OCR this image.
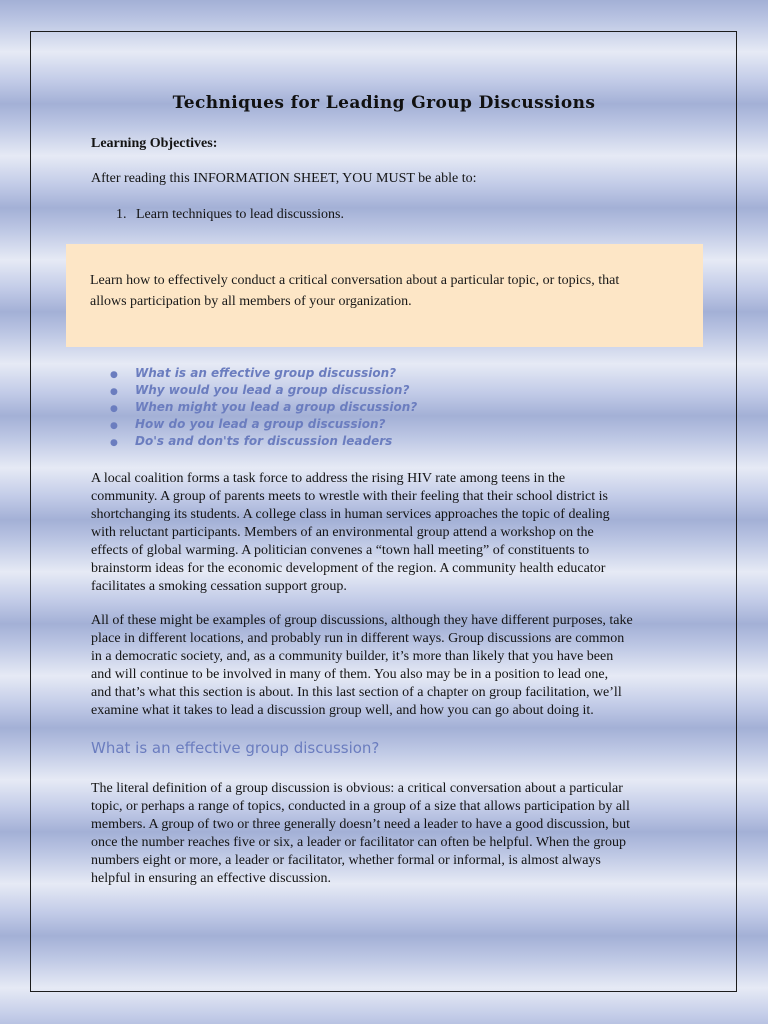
Techniques for Leading Group Discussions

Learning Objectives:

After reading this INFORMATION SHEET, YOU MUST be able to:

1. Learn techniques to lead discussions.

Learn how to effectively conduct a critical conversation about a particular topic, or topics, that
allows participation by all members of your organization.

● What is an effective group discussion?
● Why would you lead a group discussion?
● When might you lead a group discussion?
● How do you lead a group discussion?
● Do's and don'ts for discussion leaders

A local coalition forms a task force to address the rising HIV rate among teens in the
community. A group of parents meets to wrestle with their feeling that their school district is
shortchanging its students. A college class in human services approaches the topic of dealing
with reluctant participants. Members of an environmental group attend a workshop on the
effects of global warming. A politician convenes a “town hall meeting” of constituents to
brainstorm ideas for the economic development of the region. A community health educator
facilitates a smoking cessation support group.

All of these might be examples of group discussions, although they have different purposes, take
place in different locations, and probably run in different ways. Group discussions are common
in a democratic society, and, as a community builder, it’s more than likely that you have been
and will continue to be involved in many of them. You also may be in a position to lead one,
and that’s what this section is about. In this last section of a chapter on group facilitation, we’ll
examine what it takes to lead a discussion group well, and how you can go about doing it.

What is an effective group discussion?

The literal definition of a group discussion is obvious: a critical conversation about a particular
topic, or perhaps a range of topics, conducted in a group of a size that allows participation by all
members. A group of two or three generally doesn’t need a leader to have a good discussion, but
once the number reaches five or six, a leader or facilitator can often be helpful. When the group
numbers eight or more, a leader or facilitator, whether formal or informal, is almost always
helpful in ensuring an effective discussion.
